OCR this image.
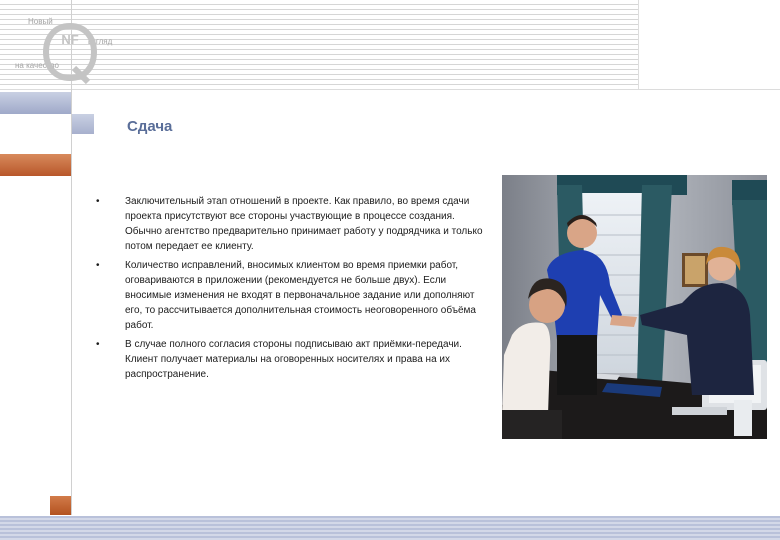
Новый
взгляд
на качество
NF
Сдача
•	Заключительный этап отношений в проекте. Как правило, во время сдачи проекта присутствуют все стороны участвующие в процессе создания. Обычно агентство предварительно принимает работу у подрядчика и только потом передает ее клиенту.
•	Количество исправлений, вносимых клиентом во время приемки работ, оговариваются в приложении (рекомендуется не больше двух). Если вносимые изменения не входят в первоначальное задание или дополняют его, то рассчитывается дополнительная стоимость неоговоренного объёма работ.
•	В случае полного согласия стороны подписываю акт приёмки-передачи. Клиент получает материалы на оговоренных носителях и права на их распространение.
